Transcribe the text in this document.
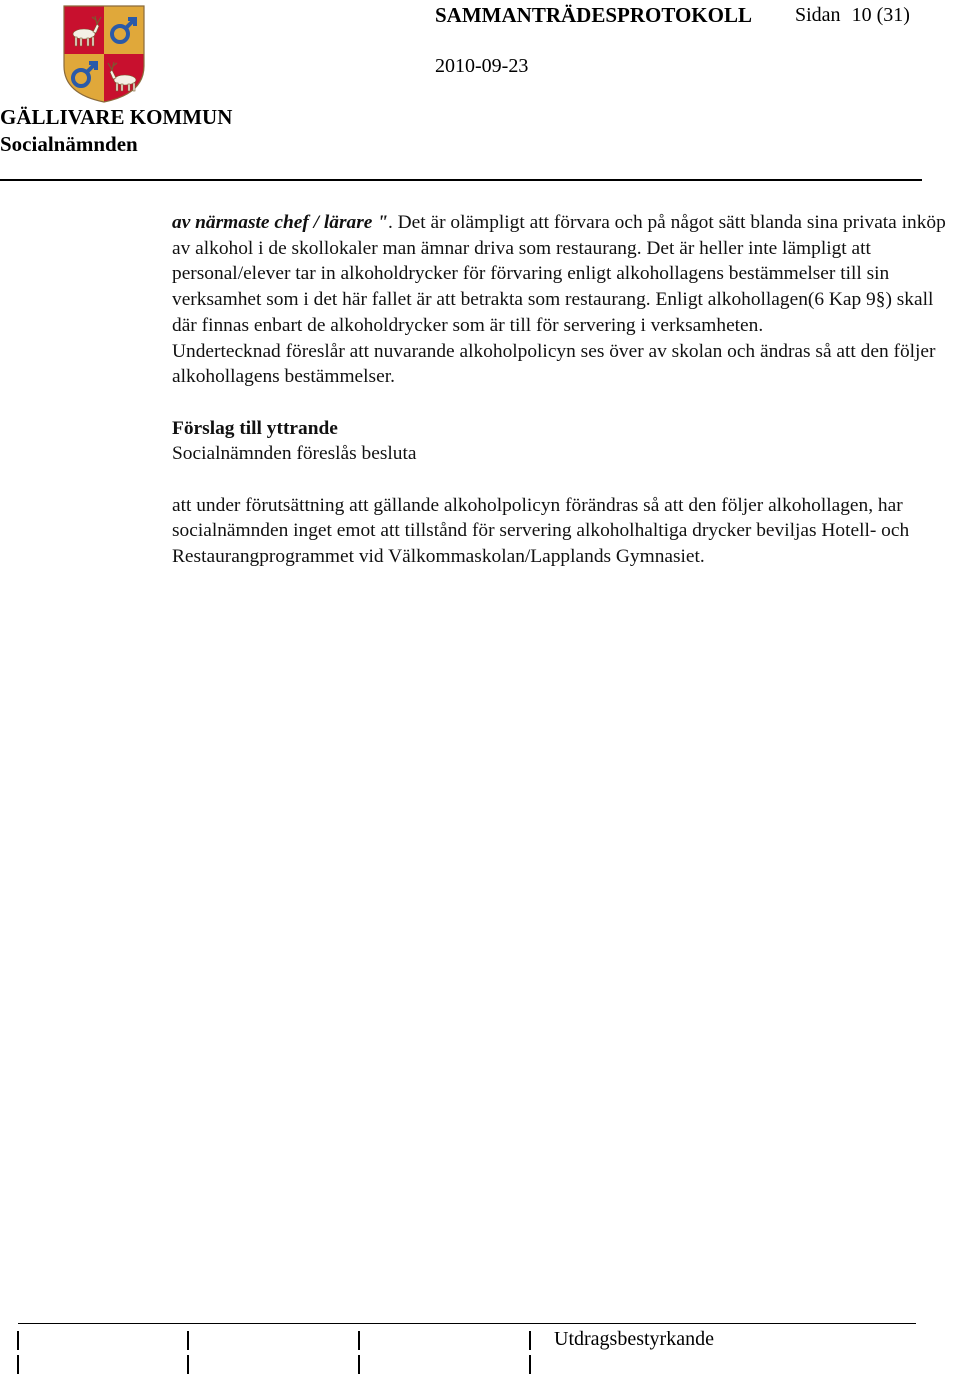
GÄLLIVARE KOMMUN
Socialnämnden
SAMMANTRÄDESPROTOKOLL Sidan 10 (31)
2010-09-23

av närmaste chef / lärare ". Det är olämpligt att förvara och på något sätt blanda sina privata inköp av alkohol i de skollokaler man ämnar driva som restaurang. Det är heller inte lämpligt att personal/elever tar in alkoholdrycker för förvaring enligt alkohollagens bestämmelser till sin verksamhet som i det här fallet är att betrakta som restaurang. Enligt alkohollagen(6 Kap 9§) skall där finnas enbart de alkoholdrycker som är till för servering i verksamheten.

Undertecknad föreslår att nuvarande alkoholpolicyn ses över av skolan och ändras så att den följer alkohollagens bestämmelser.

Förslag till yttrande

Socialnämnden föreslås besluta

att under förutsättning att gällande alkoholpolicyn förändras så att den följer alkohollagen, har socialnämnden inget emot att tillstånd för servering alkoholhaltiga drycker beviljas Hotell- och Restaurangprogrammet vid Välkommaskolan/Lapplands Gymnasiet.

Utdragsbestyrkande
